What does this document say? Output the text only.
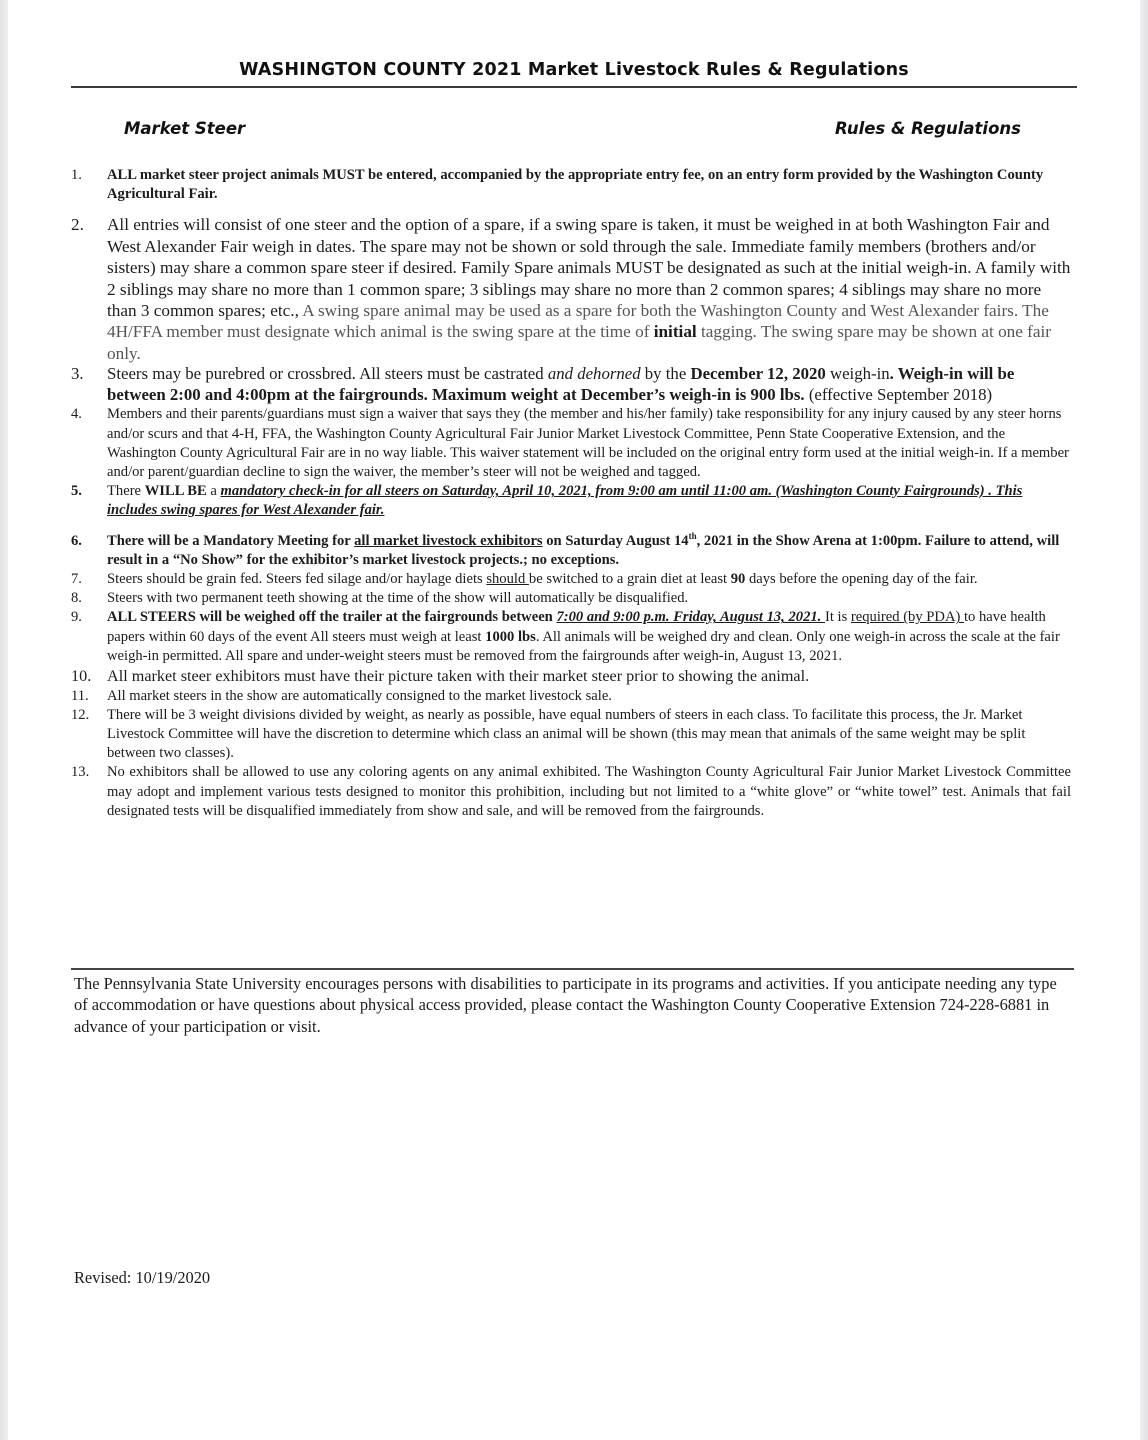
WASHINGTON COUNTY 2021 Market Livestock Rules & Regulations
Market Steer	Rules & Regulations
1.	ALL market steer project animals MUST be entered, accompanied by the appropriate entry fee, on an entry form provided by the Washington County Agricultural Fair.
2.	All entries will consist of one steer and the option of a spare, if a swing spare is taken, it must be weighed in at both Washington Fair and West Alexander Fair weigh in dates. The spare may not be shown or sold through the sale. Immediate family members (brothers and/or sisters) may share a common spare steer if desired. Family Spare animals MUST be designated as such at the initial weigh-in. A family with 2 siblings may share no more than 1 common spare; 3 siblings may share no more than 2 common spares; 4 siblings may share no more than 3 common spares; etc., A swing spare animal may be used as a spare for both the Washington County and West Alexander fairs. The 4H/FFA member must designate which animal is the swing spare at the time of initial tagging. The swing spare may be shown at one fair only.
3.	Steers may be purebred or crossbred. All steers must be castrated and dehorned by the December 12, 2020 weigh-in. Weigh-in will be between 2:00 and 4:00pm at the fairgrounds. Maximum weight at December’s weigh-in is 900 lbs. (effective September 2018)
4.	Members and their parents/guardians must sign a waiver that says they (the member and his/her family) take responsibility for any injury caused by any steer horns and/or scurs and that 4-H, FFA, the Washington County Agricultural Fair Junior Market Livestock Committee, Penn State Cooperative Extension, and the Washington County Agricultural Fair are in no way liable. This waiver statement will be included on the original entry form used at the initial weigh-in. If a member and/or parent/guardian decline to sign the waiver, the member’s steer will not be weighed and tagged.
5.	There WILL BE a mandatory check-in for all steers on Saturday, April 10, 2021, from 9:00 am until 11:00 am. (Washington County Fairgrounds) . This includes swing spares for West Alexander fair.
6.	There will be a Mandatory Meeting for all market livestock exhibitors on Saturday August 14th, 2021 in the Show Arena at 1:00pm. Failure to attend, will result in a “No Show” for the exhibitor’s market livestock projects.; no exceptions.
7.	Steers should be grain fed. Steers fed silage and/or haylage diets should be switched to a grain diet at least 90 days before the opening day of the fair.
8.	Steers with two permanent teeth showing at the time of the show will automatically be disqualified.
9.	ALL STEERS will be weighed off the trailer at the fairgrounds between 7:00 and 9:00 p.m. Friday, August 13, 2021. It is required (by PDA) to have health papers within 60 days of the event All steers must weigh at least 1000 lbs. All animals will be weighed dry and clean. Only one weigh-in across the scale at the fair weigh-in permitted. All spare and under-weight steers must be removed from the fairgrounds after weigh-in, August 13, 2021.
10. All market steer exhibitors must have their picture taken with their market steer prior to showing the animal.
11.	All market steers in the show are automatically consigned to the market livestock sale.
12.	There will be 3 weight divisions divided by weight, as nearly as possible, have equal numbers of steers in each class. To facilitate this process, the Jr. Market Livestock Committee will have the discretion to determine which class an animal will be shown (this may mean that animals of the same weight may be split between two classes).
13.	No exhibitors shall be allowed to use any coloring agents on any animal exhibited. The Washington County Agricultural Fair Junior Market Livestock Committee may adopt and implement various tests designed to monitor this prohibition, including but not limited to a “white glove” or “white towel” test. Animals that fail designated tests will be disqualified immediately from show and sale, and will be removed from the fairgrounds.
The Pennsylvania State University encourages persons with disabilities to participate in its programs and activities. If you anticipate needing any type of accommodation or have questions about physical access provided, please contact the Washington County Cooperative Extension 724-228-6881 in advance of your participation or visit.
Revised: 10/19/2020
